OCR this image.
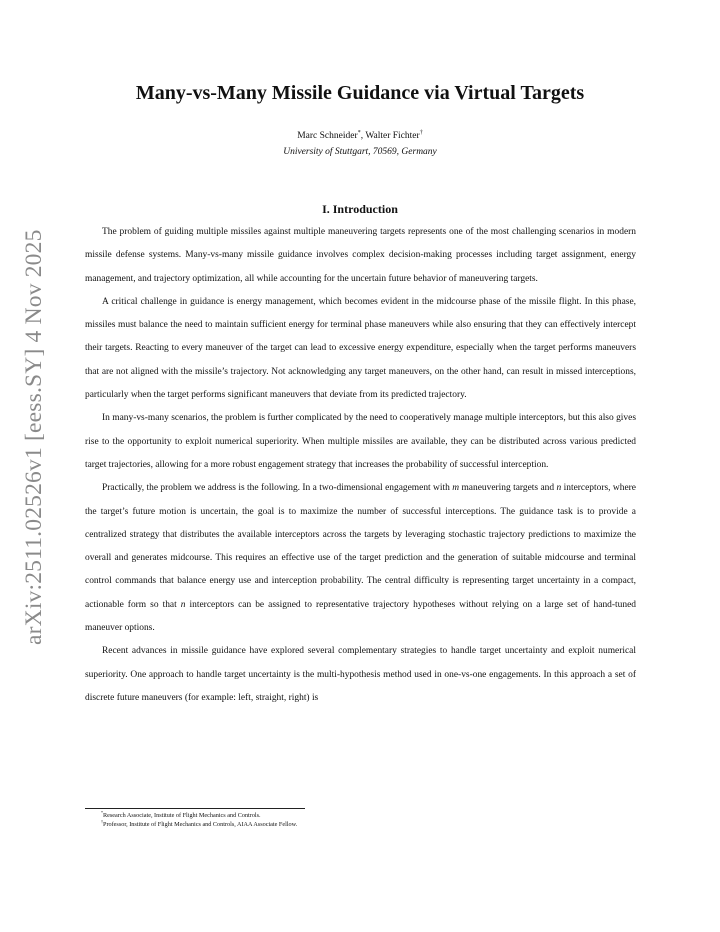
arXiv:2511.02526v1 [eess.SY] 4 Nov 2025
Many-vs-Many Missile Guidance via Virtual Targets
Marc Schneider*, Walter Fichter†
University of Stuttgart, 70569, Germany
I. Introduction

The problem of guiding multiple missiles against multiple maneuvering targets represents one of the most challenging scenarios in modern missile defense systems. Many-vs-many missile guidance involves complex decision-making processes including target assignment, energy management, and trajectory optimization, all while accounting for the uncertain future behavior of maneuvering targets.

A critical challenge in guidance is energy management, which becomes evident in the midcourse phase of the missile flight. In this phase, missiles must balance the need to maintain sufficient energy for terminal phase maneuvers while also ensuring that they can effectively intercept their targets. Reacting to every maneuver of the target can lead to excessive energy expenditure, especially when the target performs maneuvers that are not aligned with the missile’s trajectory. Not acknowledging any target maneuvers, on the other hand, can result in missed interceptions, particularly when the target performs significant maneuvers that deviate from its predicted trajectory.

In many-vs-many scenarios, the problem is further complicated by the need to cooperatively manage multiple interceptors, but this also gives rise to the opportunity to exploit numerical superiority. When multiple missiles are available, they can be distributed across various predicted target trajectories, allowing for a more robust engagement strategy that increases the probability of successful interception.

Practically, the problem we address is the following. In a two-dimensional engagement with m maneuvering targets and n interceptors, where the target’s future motion is uncertain, the goal is to maximize the number of successful interceptions. The guidance task is to provide a centralized strategy that distributes the available interceptors across the targets by leveraging stochastic trajectory predictions to maximize the overall and generates midcourse. This requires an effective use of the target prediction and the generation of suitable midcourse and terminal control commands that balance energy use and interception probability. The central difficulty is representing target uncertainty in a compact, actionable form so that n interceptors can be assigned to representative trajectory hypotheses without relying on a large set of hand-tuned maneuver options.

Recent advances in missile guidance have explored several complementary strategies to handle target uncertainty and exploit numerical superiority. One approach to handle target uncertainty is the multi-hypothesis method used in one-vs-one engagements. In this approach a set of discrete future maneuvers (for example: left, straight, right) is

*Research Associate, Institute of Flight Mechanics and Controls.
†Professor, Institute of Flight Mechanics and Controls, AIAA Associate Fellow.
